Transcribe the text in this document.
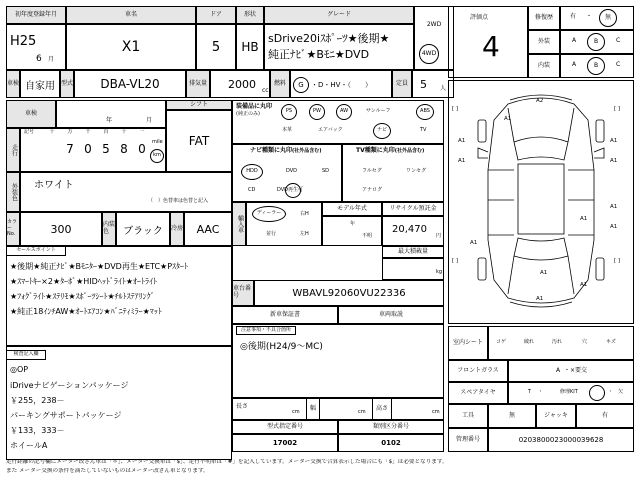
初年度登録年月
H25
6 月
車名
X1
ドア
5
形状
HB
グレード
sDrive20iｽﾎﾟｰﾂ★後期★
純正ﾅﾋﾞ★Bﾓﾆ★DVD
2WD
4WD
車検 自家用	型式	DBA-VL20	排気量 2000 cc
燃料	G	・D・HV・（　　）	定員	5 人
車検
年	月
シフト
FAT
走行
記号	十	万	千	百	十	一
7 0 5 8 0	mile
km
外装色 ホワイト
（　）色替車は色替と記入
カラーNo.	300	内装色	ブラック	冷房	AAC
セールスポイント
★後期★純正ﾅﾋﾞ★Bﾓﾆﾀｰ★DVD再生★ETC★Pｽﾀｰﾄ
★ｽﾏｰﾄｷｰ×2★ﾀｰﾎﾞ★HIDﾍｯﾄﾞﾗｲﾄ★ｵｰﾄﾗｲﾄ
★ﾌｫｸﾞﾗｲﾄ★ｽﾃﾘﾓ★ｽﾎﾟｰﾂｼｰﾄ★ﾁﾙﾄｽﾃｱﾘﾝｸﾞ
★純正18ｲﾝﾁAW★ｵｰﾄｴｱｺﾝ★ﾊﾞﾆﾃｨﾐﾗｰ★ﾏｯﾄ
検査記入欄
◎OP
iDriveナビゲーションパッケージ
￥255，238－
パーキングサポートパッケージ
￥133，333－
ホイールA
装備品に丸印
(純正のみ)	PS	PW	AW	サンルーフ	ABS
本革	エアバック	ナビ	TV
ナビ種類に丸印(社外品含む)
HDD	DVD	SD
CD	DVD再生可
TV種類に丸印(社外品含む)
フルセグ	ワンセグ
アナログ
輸入車
ディーラー
並行
右H
左H
モデル年式
年
不明
リサイクル預託金
20,470
円
最大積載量
kg
車台番号	WBAVL92060VU22336
新車保証書	車両取説
注意事項・不具合箇所
◎後期(H24/9～MC)
長さ
cm
幅
cm
高さ
cm
型式指定番号
17002
類別区分番号
0102
評価点
4
修復歴	有 ・	無
外装	A	B	C
内装	A	B	C
A2
A1
A1	A1
A1	A1
A1
A1
A1
A1
A1
A1
A1
[ ]	[ ]
[ ]	[ ]
室内シート	コゲ	破れ	汚れ	穴	キズ
フロントガラス	A ・×要交
スペアタイヤ	T ・	修理KIT	・ 欠
工具	無	ジャッキ	有
管理番号	0203800023000039628
走行距離の記号欄にメーター改ざん車は「＊」、メーター交換車は「$」、走行不明車は「#」を記入しています。メーター交換で合算表示した場合にも「$」は必要となります。
また メーター交換の条件を満たしていないものはメーター改ざん車となります。
